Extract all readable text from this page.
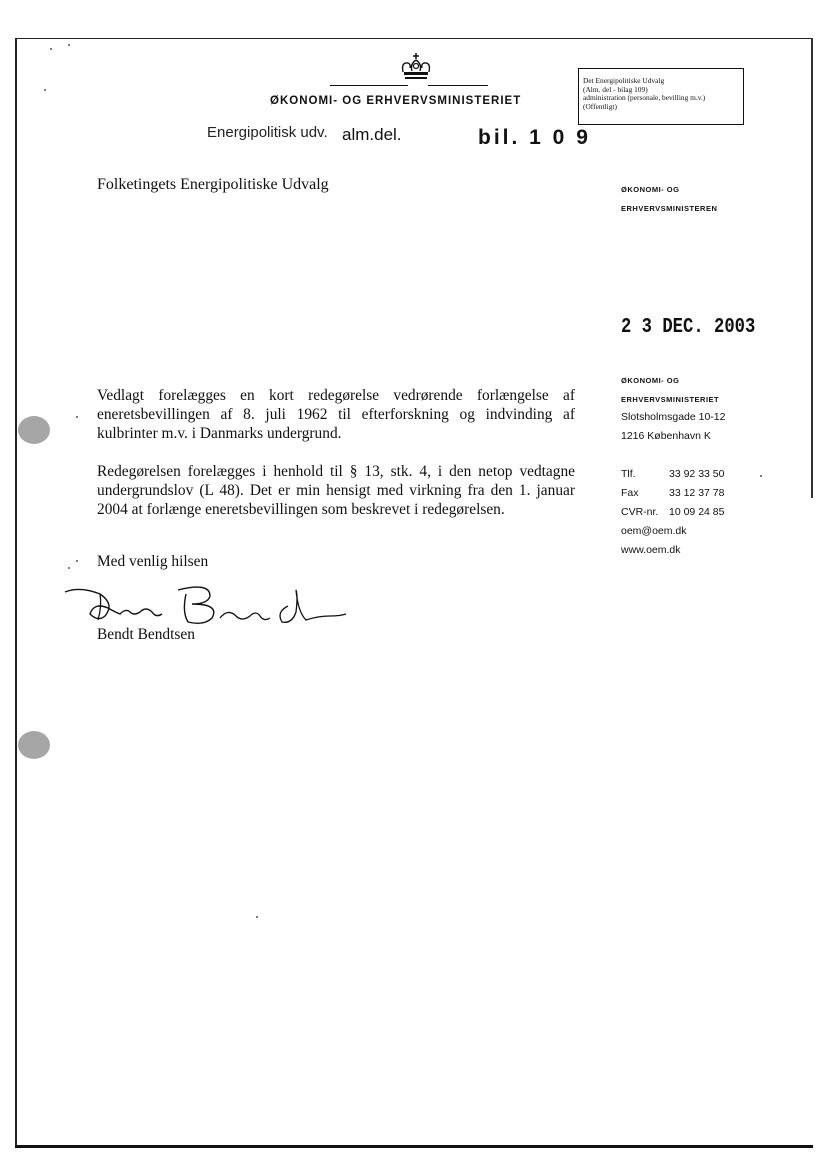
ØKONOMI- OG ERHVERVSMINISTERIET
Det Energipolitiske Udvalg
(Alm. del - bilag 109)
administration (personale, bevilling m.v.)
(Offentligt)
Energipolitisk udv. alm.del.	bil. 1 0 9
Folketingets Energipolitiske Udvalg	ØKONOMI- OG
ERHVERVSMINISTEREN
2 3 DEC. 2003
ØKONOMI- OG
ERHVERVSMINISTERIET
Slotsholmsgade 10-12
1216 København K
Tlf.	33 92 33 50
Fax	33 12 37 78
CVR-nr.	10 09 24 85
oem@oem.dk
www.oem.dk
Vedlagt forelægges en kort redegørelse vedrørende forlængelse af eneretsbevillingen af 8. juli 1962 til efterforskning og indvinding af kulbrinter m.v. i Danmarks undergrund.
Redegørelsen forelægges i henhold til § 13, stk. 4, i den netop vedtagne undergrundslov (L 48). Det er min hensigt med virkning fra den 1. januar 2004 at forlænge eneretsbevillingen som beskrevet i redegørelsen.
Med venlig hilsen
Bendt Bendtsen
